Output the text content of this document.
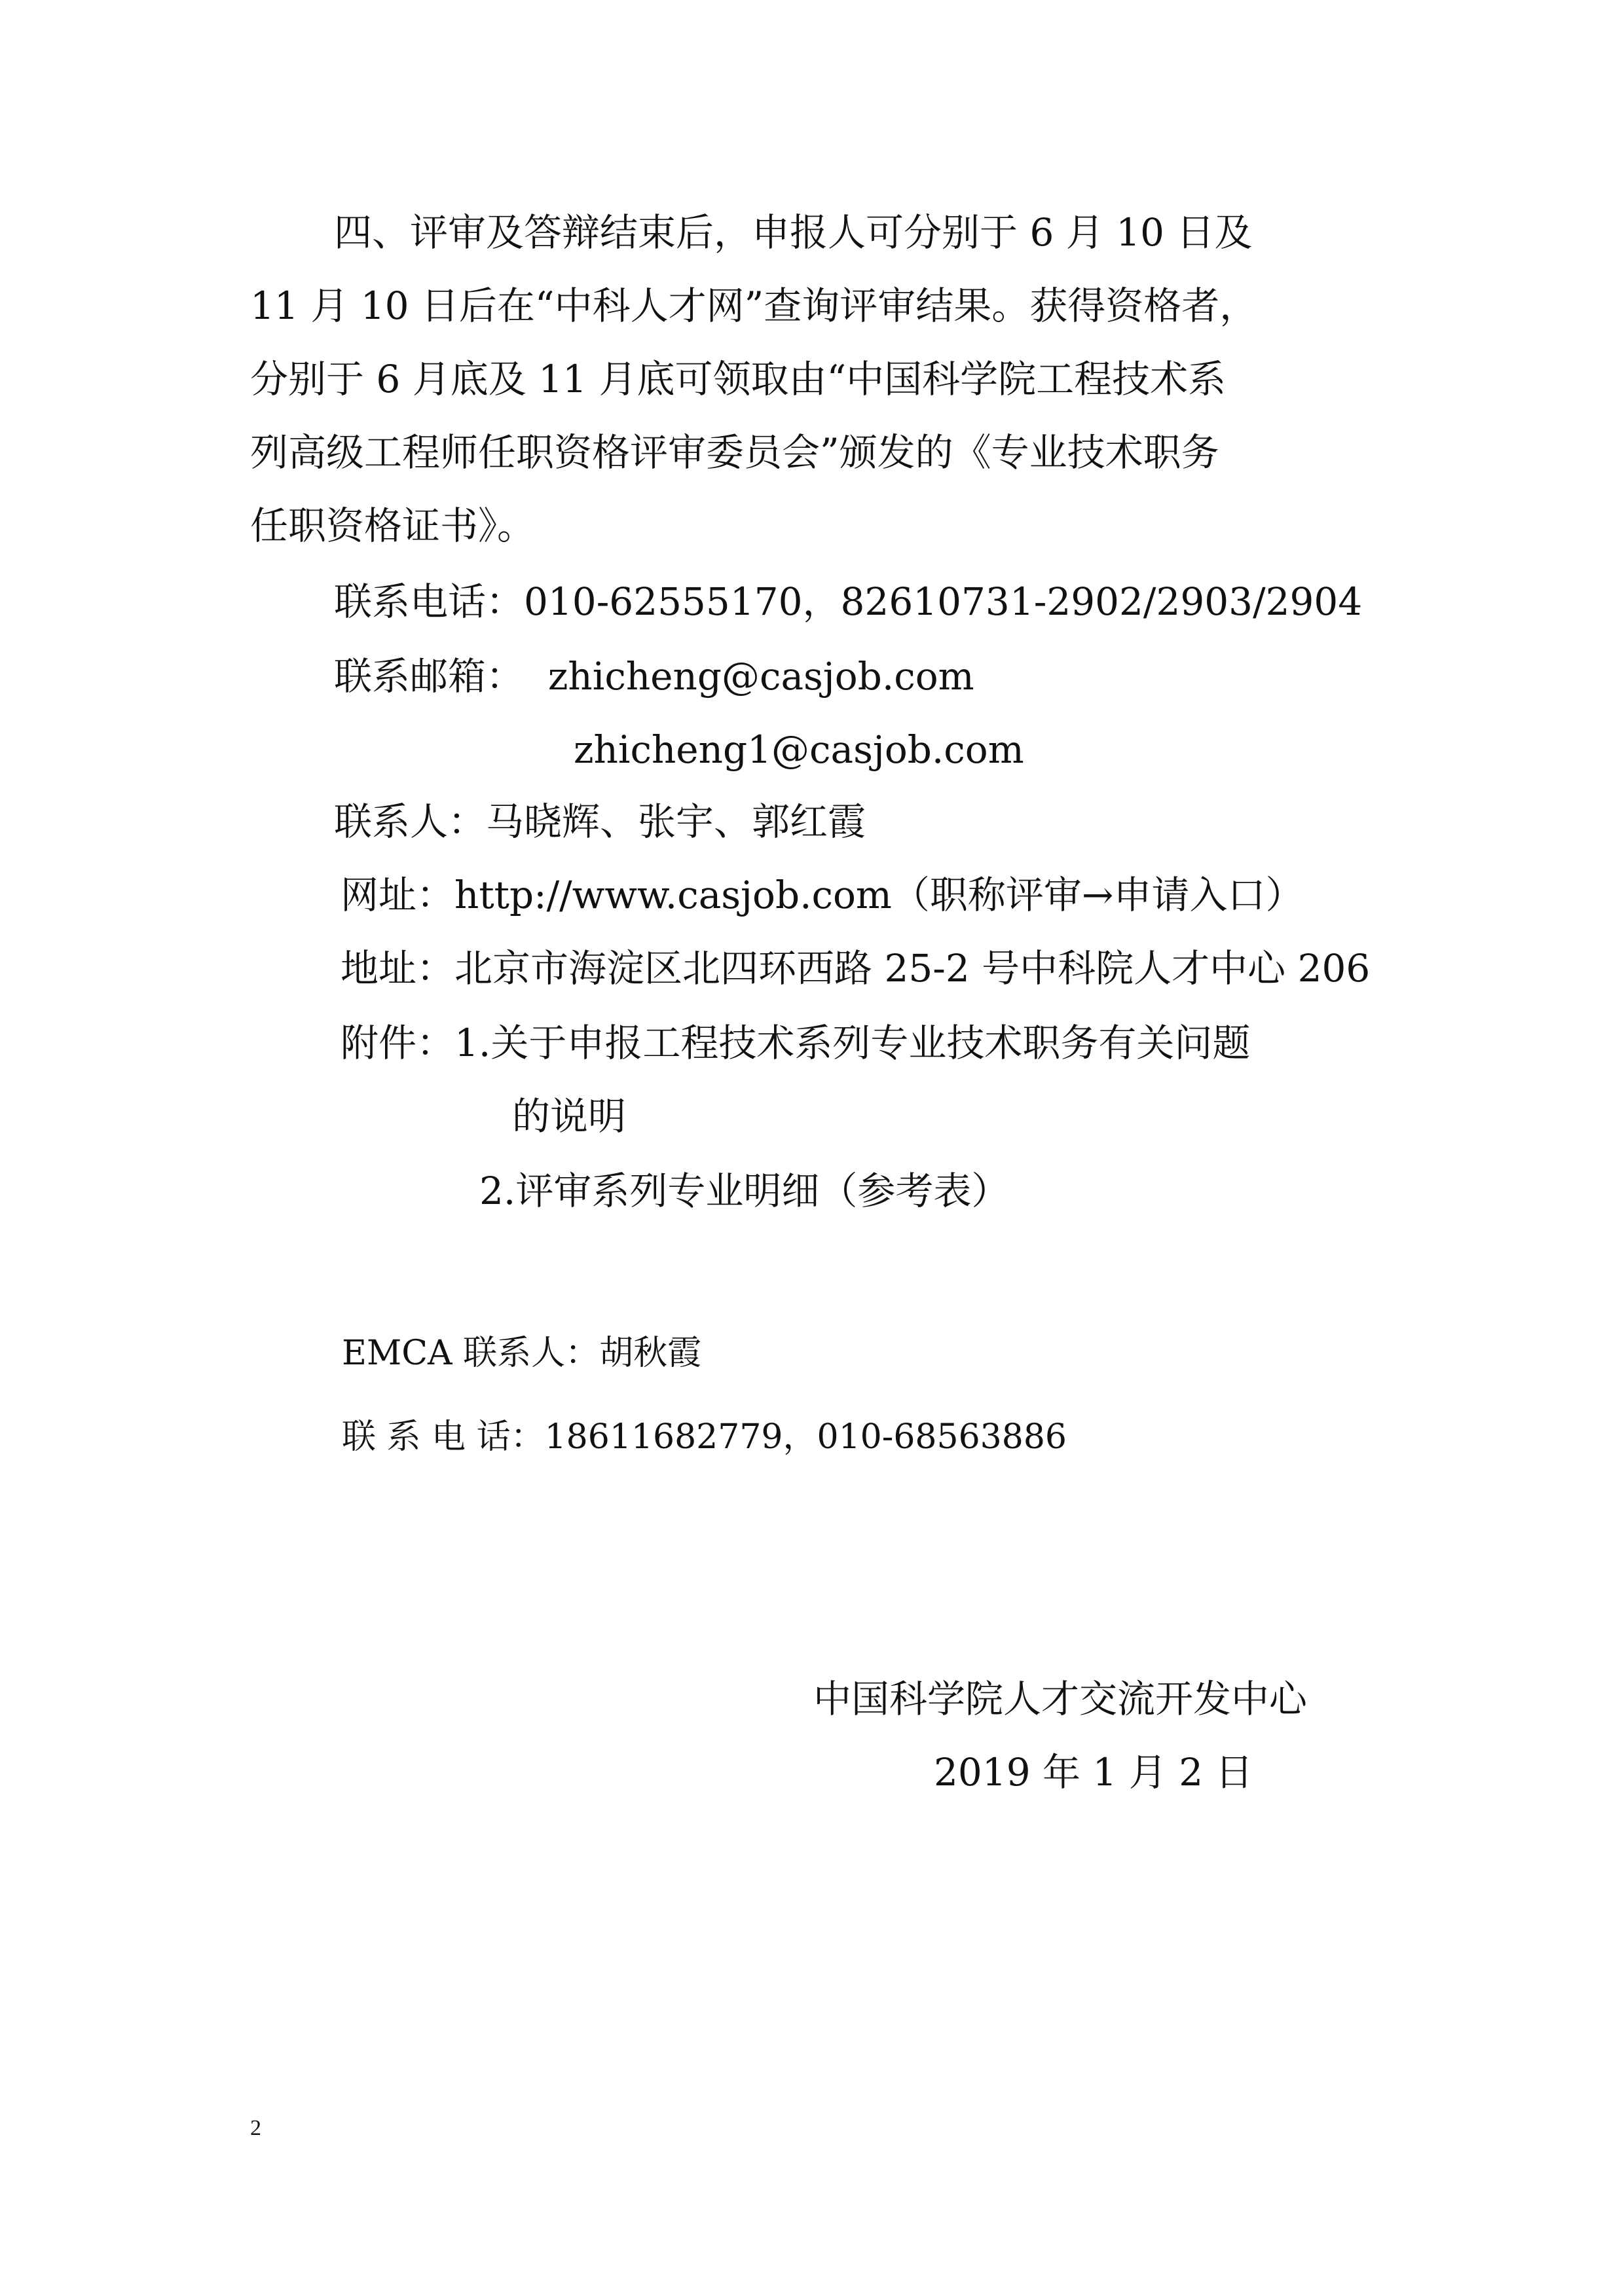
四、评审及答辩结束后，申报人可分别于 6 月 10 日及
11 月 10 日后在“中科人才网”查询评审结果。获得资格者，
分别于 6 月底及 11 月底可领取由“中国科学院工程技术系
列高级工程师任职资格评审委员会”颁发的《专业技术职务
任职资格证书》。
联系电话：010-62555170，82610731-2902/2903/2904
联系邮箱：  zhicheng@casjob.com
zhicheng1@casjob.com
联系人：马晓辉、张宇、郭红霞
网址：http://www.casjob.com（职称评审→申请入口）
地址：北京市海淀区北四环西路 25-2 号中科院人才中心 206
附件：1.关于申报工程技术系列专业技术职务有关问题
的说明
2.评审系列专业明细（参考表）
EMCA 联系人：胡秋霞
联 系 电 话：18611682779，010-68563886
中国科学院人才交流开发中心
2019 年 1 月 2 日
2
